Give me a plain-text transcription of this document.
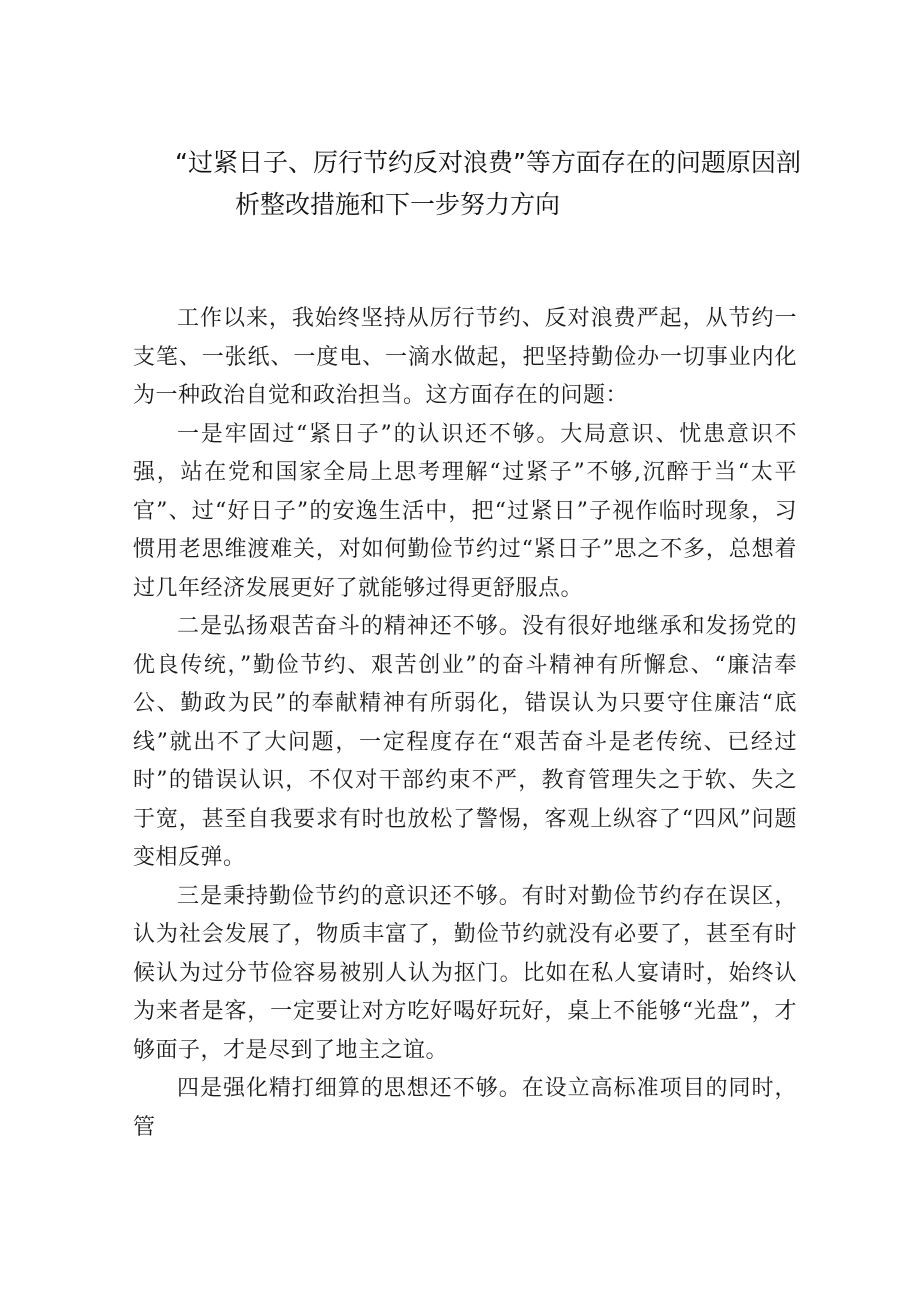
“过紧日子、厉行节约反对浪费”等方面存在的问题原因剖
析整改措施和下一步努力方向

工作以来，我始终坚持从厉行节约、反对浪费严起，从节约一支笔、一张纸、一度电、一滴水做起，把坚持勤俭办一切事业内化为一种政治自觉和政治担当。这方面存在的问题：

一是牢固过“紧日子”的认识还不够。大局意识、忧患意识不强，站在党和国家全局上思考理解“过紧子”不够,沉醉于当“太平官”、过“好日子”的安逸生活中，把“过紧日”子视作临时现象，习惯用老思维渡难关，对如何勤俭节约过“紧日子”思之不多，总想着过几年经济发展更好了就能够过得更舒服点。

二是弘扬艰苦奋斗的精神还不够。没有很好地继承和发扬党的优良传统，”勤俭节约、艰苦创业”的奋斗精神有所懈怠、“廉洁奉公、勤政为民”的奉献精神有所弱化，错误认为只要守住廉洁“底线”就出不了大问题，一定程度存在“艰苦奋斗是老传统、已经过时”的错误认识，不仅对干部约束不严，教育管理失之于软、失之于宽，甚至自我要求有时也放松了警惕，客观上纵容了“四风”问题变相反弹。

三是秉持勤俭节约的意识还不够。有时对勤俭节约存在误区，认为社会发展了，物质丰富了，勤俭节约就没有必要了，甚至有时候认为过分节俭容易被别人认为抠门。比如在私人宴请时，始终认为来者是客，一定要让对方吃好喝好玩好，桌上不能够“光盘”，才够面子，才是尽到了地主之谊。

四是强化精打细算的思想还不够。在设立高标准项目的同时，管
